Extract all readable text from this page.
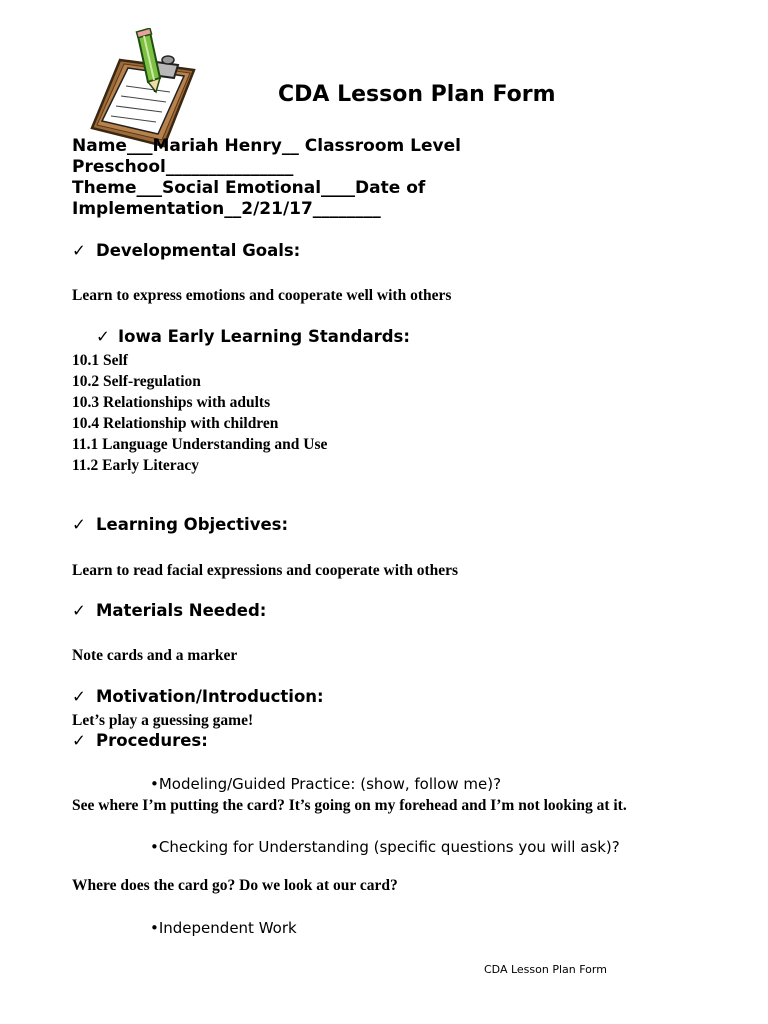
CDA Lesson Plan Form
Name___Mariah Henry__ Classroom Level
Preschool_______________
Theme___Social Emotional____Date of
Implementation__2/21/17________
✓ Developmental Goals:
Learn to express emotions and cooperate well with others
✓ Iowa Early Learning Standards:
10.1 Self
10.2 Self-regulation
10.3 Relationships with adults
10.4 Relationship with children
11.1 Language Understanding and Use
11.2 Early Literacy
✓ Learning Objectives:
Learn to read facial expressions and cooperate with others
✓ Materials Needed:
Note cards and a marker
✓ Motivation/Introduction:
Let’s play a guessing game!
✓ Procedures:
•Modeling/Guided Practice: (show, follow me)?
See where I’m putting the card? It’s going on my forehead and I’m not looking at it.
•Checking for Understanding (specific questions you will ask)?
Where does the card go? Do we look at our card?
•Independent Work
CDA Lesson Plan Form
